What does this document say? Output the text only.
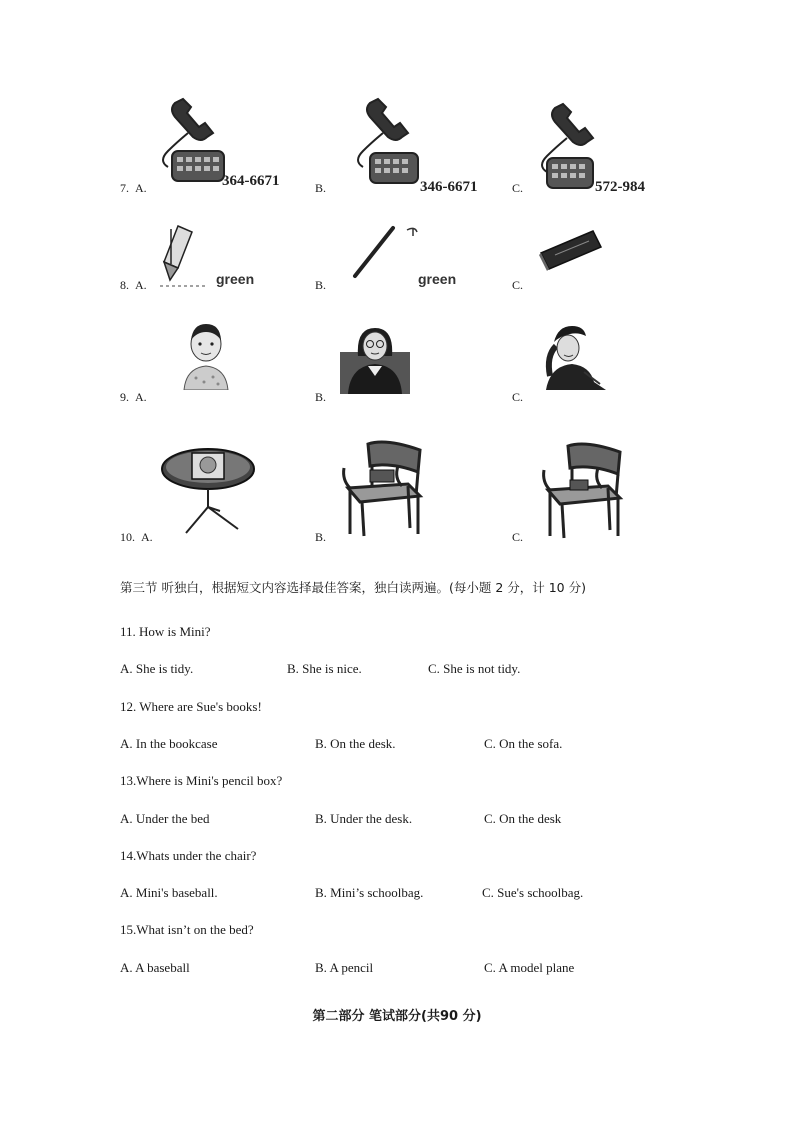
7. A.	B.	C.
364-6671	346-6671	572-984
8. A.	B.	C.
green	green
9. A.	B.	C.
10. A.	B.	C.
第三节 听独白，根据短文内容选择最佳答案，独白读两遍。(每小题 2 分，计 10 分)
11. How is Mini?
A. She is tidy.	B. She is nice.	C. She is not tidy.
12. Where are Sue's books!
A. In the bookcase	B. On the desk.	C. On the sofa.
13.Where is Mini's pencil box?
A. Under the bed	B. Under the desk.	C. On the desk
14.Whats under the chair?
A. Mini's baseball.	B. Mini’s schoolbag.	C. Sue's schoolbag.
15.What isn’t on the bed?
A. A baseball	B. A pencil	C. A model plane
第二部分 笔试部分(共90 分)
